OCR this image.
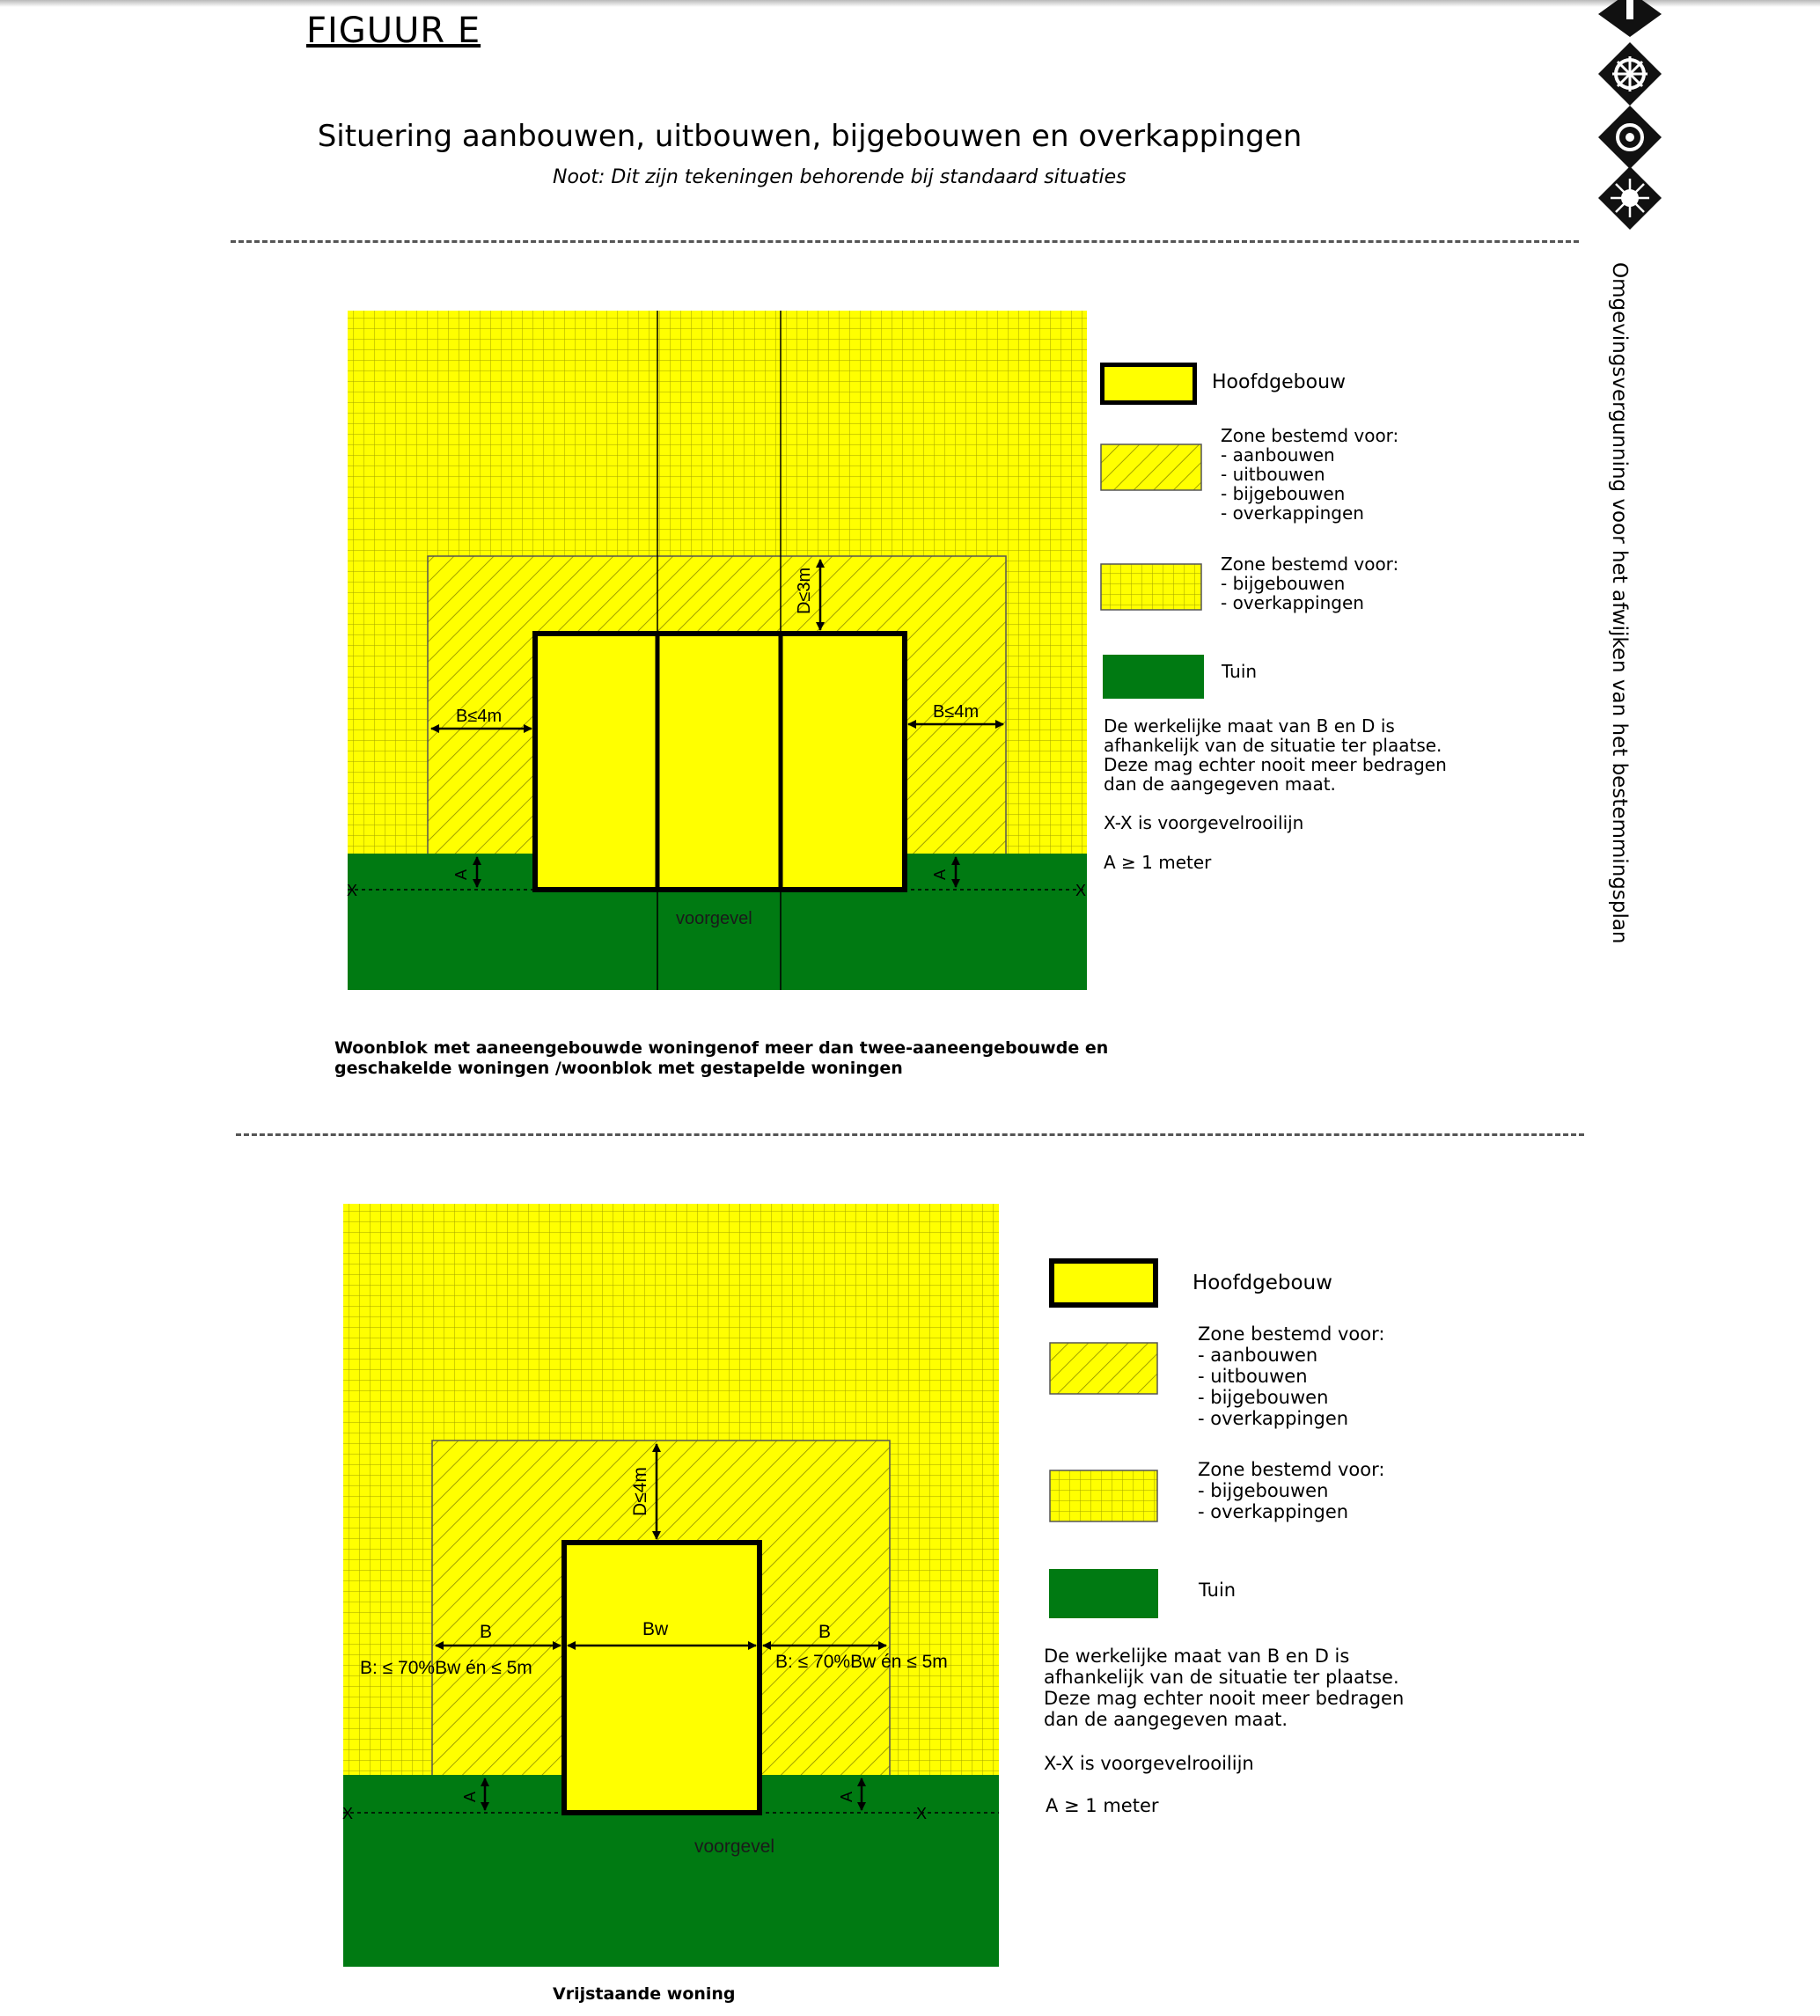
FIGUUR E
Situering aanbouwen, uitbouwen, bijgebouwen en overkappingen
Noot: Dit zijn tekeningen behorende bij standaard situaties
Omgevingsvergunning voor het afwijken van het bestemmingsplan
D≤3m
B≤4m	B≤4m
A	A
X	X
voorgevel
Hoofdgebouw
Zone bestemd voor:
- aanbouwen
- uitbouwen
- bijgebouwen
- overkappingen
Zone bestemd voor:
- bijgebouwen
- overkappingen
Tuin
De werkelijke maat van B en D is
afhankelijk van de situatie ter plaatse.
Deze mag echter nooit meer bedragen
dan de aangegeven maat.
X-X is voorgevelrooilijn
A ≥ 1 meter
Woonblok met aaneengebouwde woningenof meer dan twee-aaneengebouwde en
geschakelde woningen /woonblok met gestapelde woningen
D≤4m
B	Bw	B
B: ≤ 70%Bw én ≤ 5m	B: ≤ 70%Bw én ≤ 5m
A	A
X	X
voorgevel
Hoofdgebouw
Zone bestemd voor:
- aanbouwen
- uitbouwen
- bijgebouwen
- overkappingen
Zone bestemd voor:
- bijgebouwen
- overkappingen
Tuin
De werkelijke maat van B en D is
afhankelijk van de situatie ter plaatse.
Deze mag echter nooit meer bedragen
dan de aangegeven maat.
X-X is voorgevelrooilijn
A ≥ 1 meter
Vrijstaande woning
